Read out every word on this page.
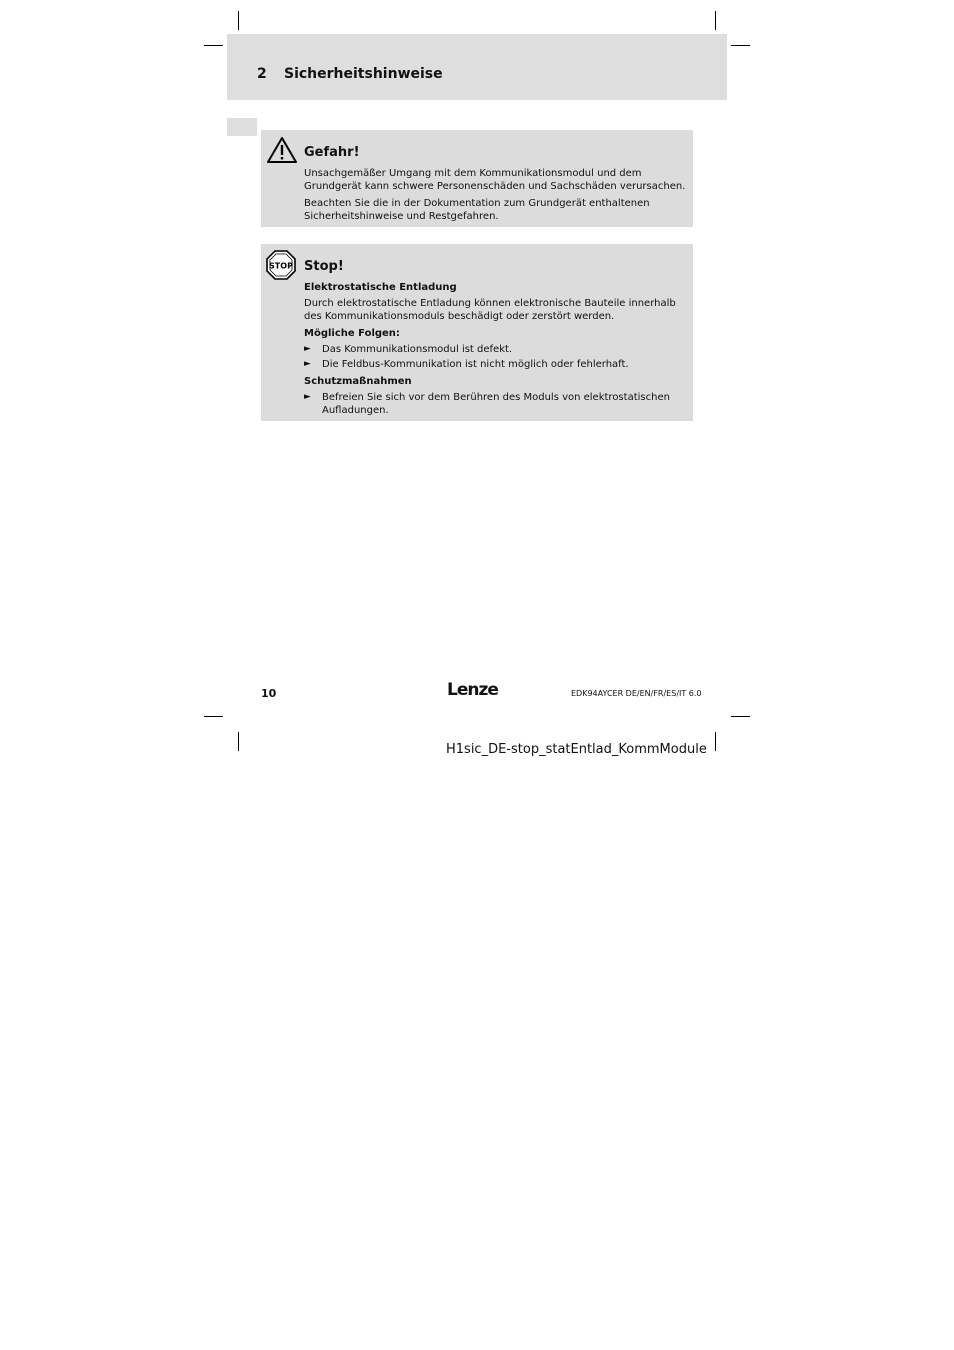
2 Sicherheitshinweise
Gefahr!

Unsachgemäßer Umgang mit dem Kommunikationsmodul und dem Grundgerät kann schwere Personenschäden und Sachschäden verursachen.

Beachten Sie die in der Dokumentation zum Grundgerät enthaltenen Sicherheitshinweise und Restgefahren.

STOP Stop!

Elektrostatische Entladung

Durch elektrostatische Entladung können elektronische Bauteile innerhalb des Kommunikationsmoduls beschädigt oder zerstört werden.

Mögliche Folgen:

► Das Kommunikationsmodul ist defekt.

► Die Feldbus-Kommunikation ist nicht möglich oder fehlerhaft.

Schutzmaßnahmen

► Befreien Sie sich vor dem Berühren des Moduls von elektrostatischen Aufladungen.

10	Lenze	EDK94AYCER DE/EN/FR/ES/IT 6.0
H1sic_DE-stop_statEntlad_KommModule
